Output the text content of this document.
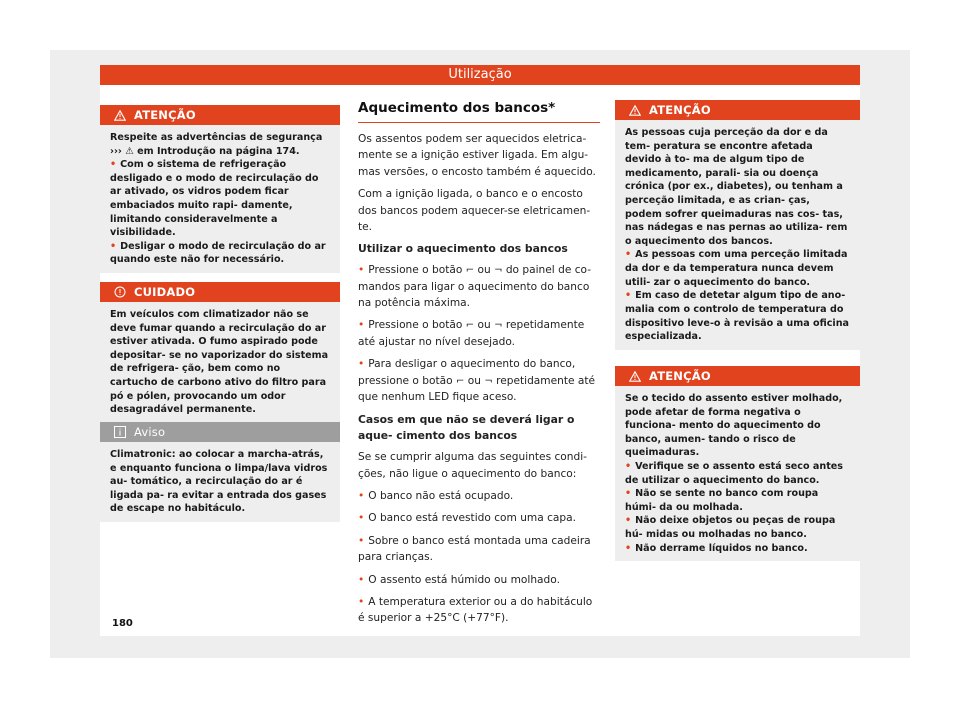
Utilização
ATENÇÃO

Respeite as advertências de segurança

››› ⚠ em Introdução na página 174.

• Com o sistema de refrigeração desligado e o modo de recirculação do ar ativado, os vidros podem ficar embaciados muito rapi- damente, limitando consideravelmente a visibilidade.

• Desligar o modo de recirculação do ar quando este não for necessário.

CUIDADO

Em veículos com climatizador não se deve fumar quando a recirculação do ar estiver ativada. O fumo aspirado pode depositar- se no vaporizador do sistema de refrigera- ção, bem como no cartucho de carbono ativo do filtro para pó e pólen, provocando um odor desagradável permanente.

Aviso

Climatronic: ao colocar a marcha-atrás, e enquanto funciona o limpa/lava vidros au- tomático, a recirculação do ar é ligada pa- ra evitar a entrada dos gases de escape no habitáculo.

Aquecimento dos bancos*

Os assentos podem ser aquecidos eletrica- mente se a ignição estiver ligada. Em algu- mas versões, o encosto também é aquecido.

Com a ignição ligada, o banco e o encosto dos bancos podem aquecer-se eletricamen- te.

Utilizar o aquecimento dos bancos

• Pressione o botão ⌐ ou ¬ do painel de co- mandos para ligar o aquecimento do banco na potência máxima.

• Pressione o botão ⌐ ou ¬ repetidamente até ajustar no nível desejado.

• Para desligar o aquecimento do banco, pressione o botão ⌐ ou ¬ repetidamente até que nenhum LED fique aceso.

Casos em que não se deverá ligar o aque- cimento dos bancos

Se se cumprir alguma das seguintes condi- ções, não ligue o aquecimento do banco:

• O banco não está ocupado.

• O banco está revestido com uma capa.

• Sobre o banco está montada uma cadeira para crianças.

• O assento está húmido ou molhado.

• A temperatura exterior ou a do habitáculo é superior a +25°C (+77°F).

ATENÇÃO

As pessoas cuja perceção da dor e da tem- peratura se encontre afetada devido à to- ma de algum tipo de medicamento, parali- sia ou doença crónica (por ex., diabetes), ou tenham a perceção limitada, e as crian- ças, podem sofrer queimaduras nas cos- tas, nas nádegas e nas pernas ao utiliza- rem o aquecimento dos bancos.

• As pessoas com uma perceção limitada da dor e da temperatura nunca devem utili- zar o aquecimento do banco.

• Em caso de detetar algum tipo de ano- malia com o controlo de temperatura do dispositivo leve-o à revisão a uma oficina especializada.

ATENÇÃO

Se o tecido do assento estiver molhado, pode afetar de forma negativa o funciona- mento do aquecimento do banco, aumen- tando o risco de queimaduras.

• Verifique se o assento está seco antes de utilizar o aquecimento do banco.

• Não se sente no banco com roupa húmi- da ou molhada.

• Não deixe objetos ou peças de roupa hú- midas ou molhadas no banco.

• Não derrame líquidos no banco.

180
